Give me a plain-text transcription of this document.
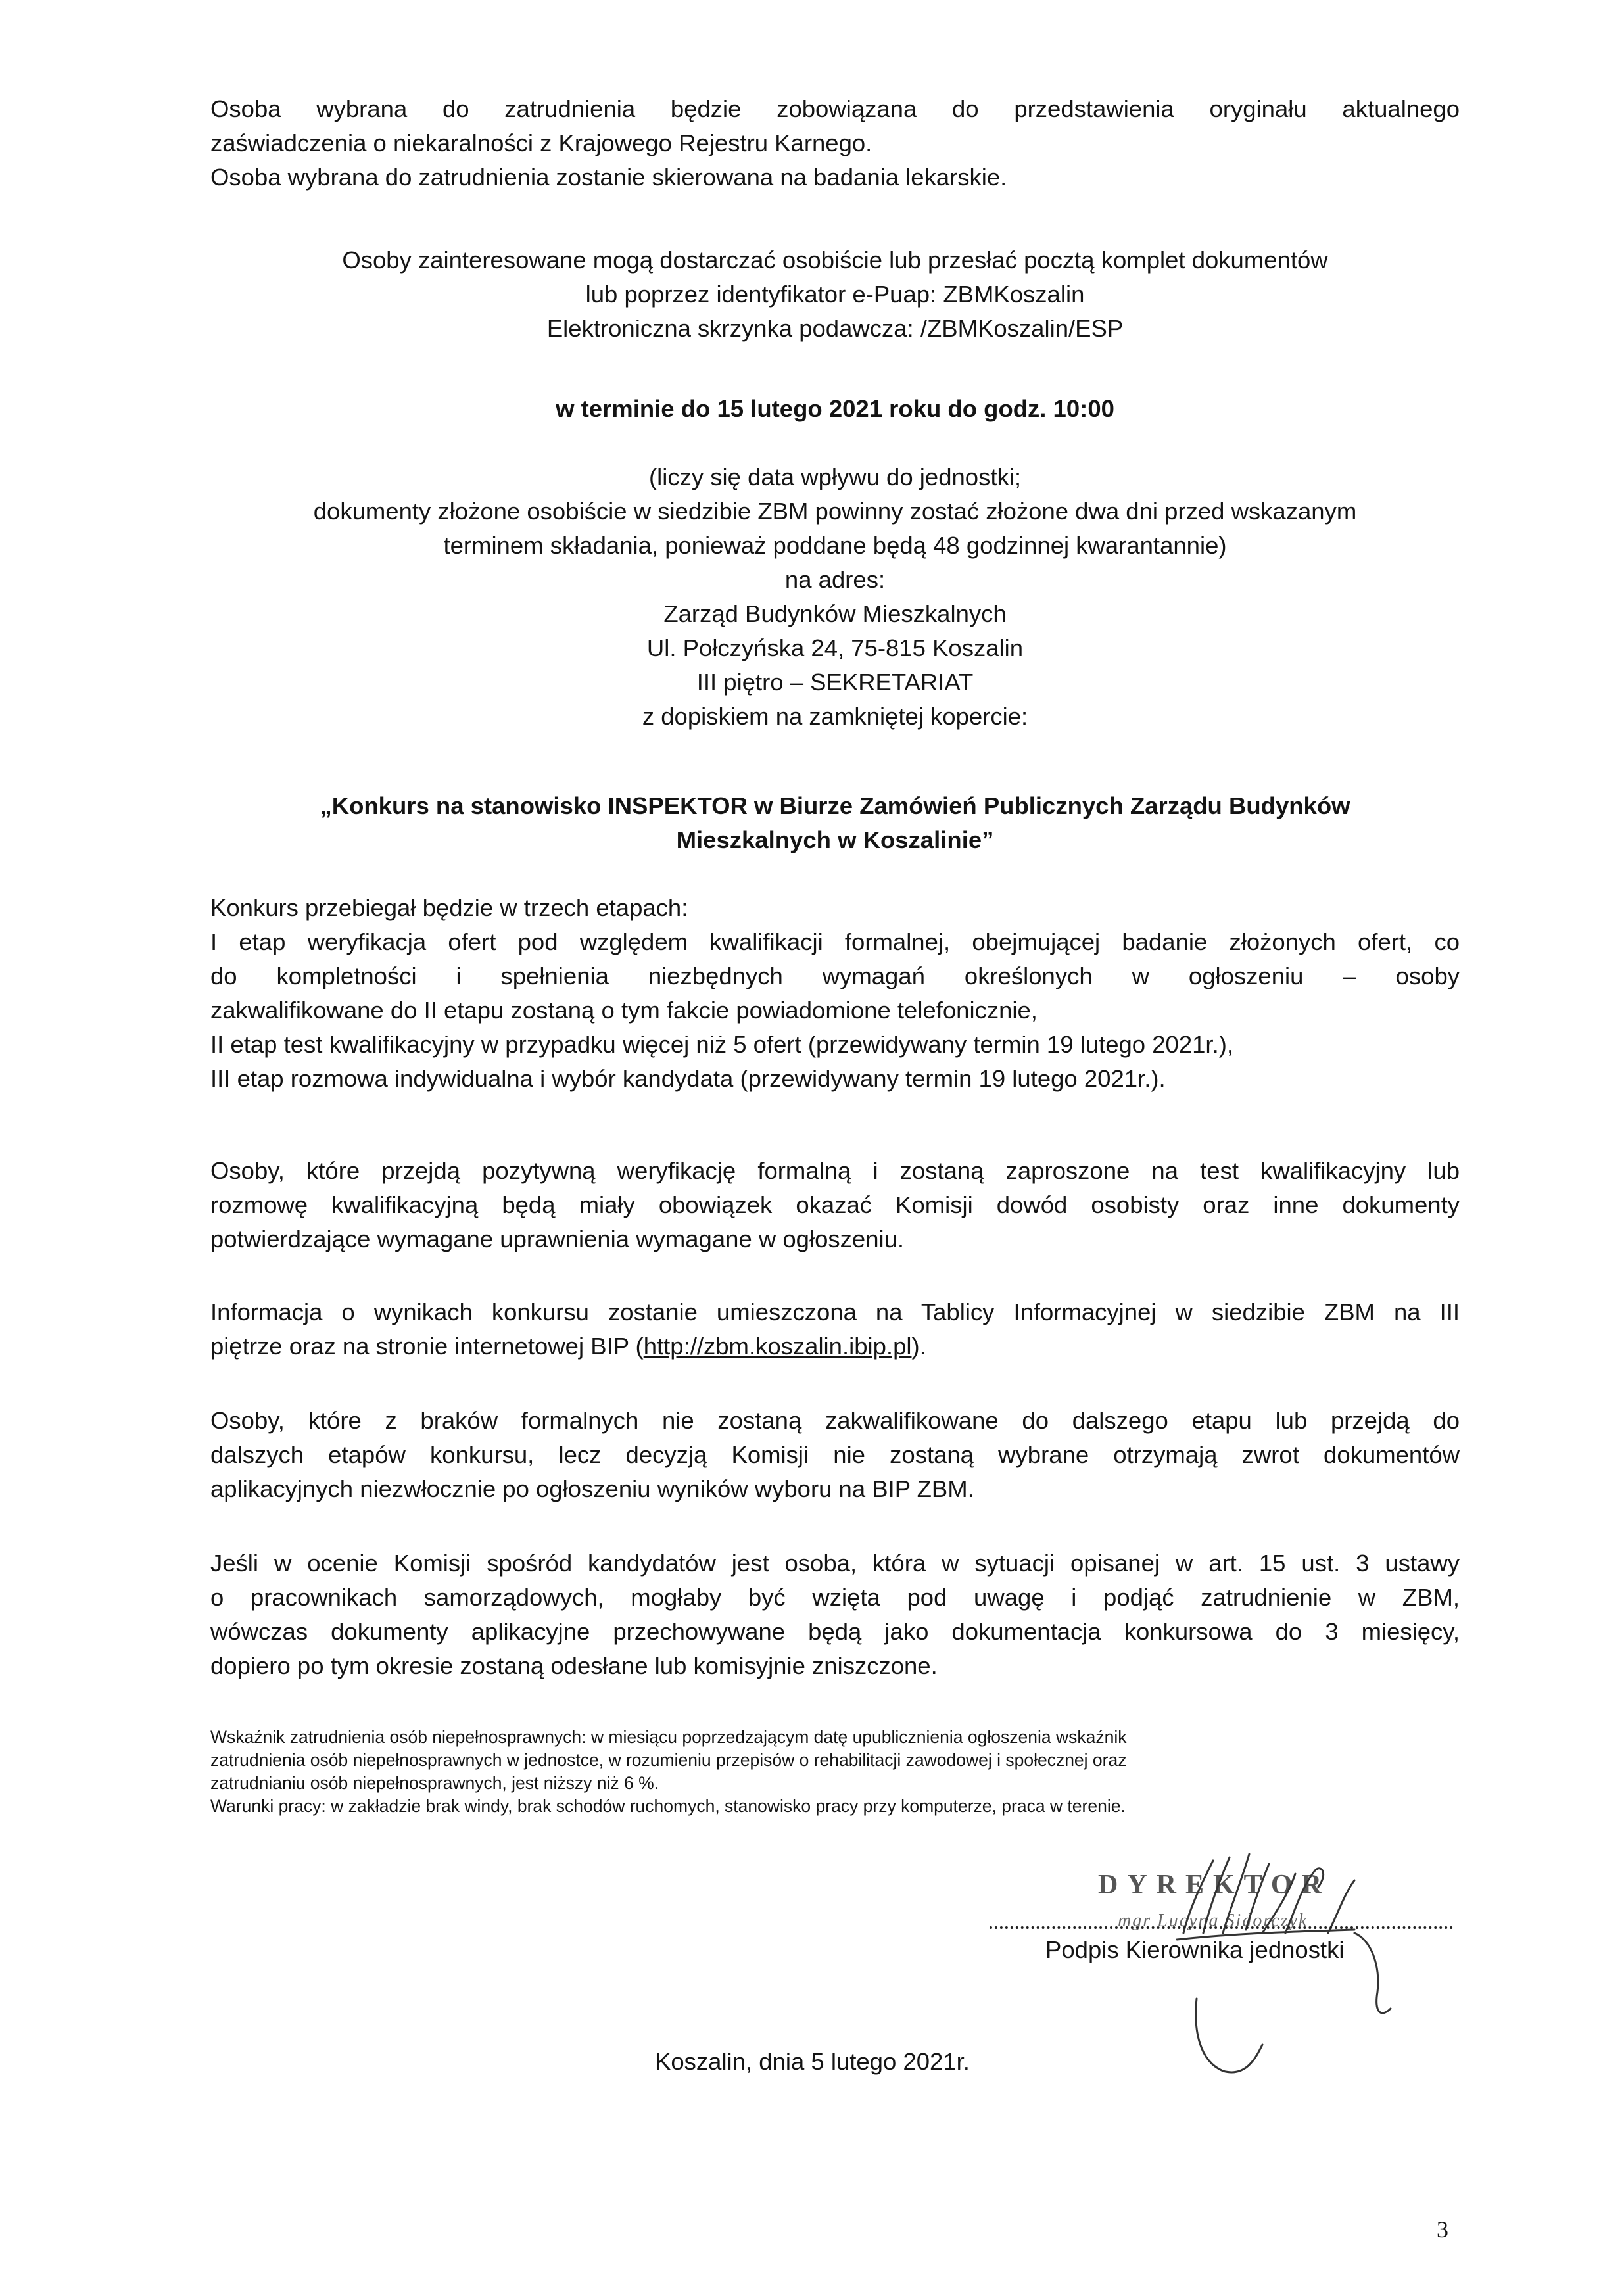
Osoba wybrana do zatrudnienia będzie zobowiązana do przedstawienia oryginału aktualnego
zaświadczenia o niekaralności z Krajowego Rejestru Karnego.
Osoba wybrana do zatrudnienia zostanie skierowana na badania lekarskie.
Osoby zainteresowane mogą dostarczać osobiście lub przesłać pocztą komplet dokumentów
lub poprzez identyfikator e-Puap: ZBMKoszalin
Elektroniczna skrzynka podawcza: /ZBMKoszalin/ESP
w terminie do 15 lutego 2021 roku do godz. 10:00
(liczy się data wpływu do jednostki;
dokumenty złożone osobiście w siedzibie ZBM powinny zostać złożone dwa dni przed wskazanym
terminem składania, ponieważ poddane będą 48 godzinnej kwarantannie)
na adres:
Zarząd Budynków Mieszkalnych
Ul. Połczyńska 24, 75-815 Koszalin
III piętro – SEKRETARIAT
z dopiskiem na zamkniętej kopercie:
„Konkurs na stanowisko INSPEKTOR w Biurze Zamówień Publicznych Zarządu Budynków
Mieszkalnych w Koszalinie”
Konkurs przebiegał będzie w trzech etapach:
I etap weryfikacja ofert pod względem kwalifikacji formalnej, obejmującej badanie złożonych ofert, co
do kompletności i spełnienia niezbędnych wymagań określonych w ogłoszeniu – osoby
zakwalifikowane do II etapu zostaną o tym fakcie powiadomione telefonicznie,
II etap test kwalifikacyjny w przypadku więcej niż 5 ofert (przewidywany termin 19 lutego 2021r.),
III etap rozmowa indywidualna i wybór kandydata (przewidywany termin 19 lutego 2021r.).
Osoby, które przejdą pozytywną weryfikację formalną i zostaną zaproszone na test kwalifikacyjny lub
rozmowę kwalifikacyjną będą miały obowiązek okazać Komisji dowód osobisty oraz inne dokumenty
potwierdzające wymagane uprawnienia wymagane w ogłoszeniu.
Informacja o wynikach konkursu zostanie umieszczona na Tablicy Informacyjnej w siedzibie ZBM na III
piętrze oraz na stronie internetowej BIP (http://zbm.koszalin.ibip.pl).
Osoby, które z braków formalnych nie zostaną zakwalifikowane do dalszego etapu lub przejdą do
dalszych etapów konkursu, lecz decyzją Komisji nie zostaną wybrane otrzymają zwrot dokumentów
aplikacyjnych niezwłocznie po ogłoszeniu wyników wyboru na BIP ZBM.
Jeśli w ocenie Komisji spośród kandydatów jest osoba, która w sytuacji opisanej w art. 15 ust. 3 ustawy
o pracownikach samorządowych, mogłaby być wzięta pod uwagę i podjąć zatrudnienie w ZBM,
wówczas dokumenty aplikacyjne przechowywane będą jako dokumentacja konkursowa do 3 miesięcy,
dopiero po tym okresie zostaną odesłane lub komisyjnie zniszczone.
Wskaźnik zatrudnienia osób niepełnosprawnych: w miesiącu poprzedzającym datę upublicznienia ogłoszenia wskaźnik
zatrudnienia osób niepełnosprawnych w jednostce, w rozumieniu przepisów o rehabilitacji zawodowej i społecznej oraz
zatrudnianiu osób niepełnosprawnych, jest niższy niż 6 %.
Warunki pracy: w zakładzie brak windy, brak schodów ruchomych, stanowisko pracy przy komputerze, praca w terenie.
DYREKTOR
mgr Lucyna Sidorczyk
Podpis Kierownika jednostki
Koszalin, dnia 5 lutego 2021r.
3
